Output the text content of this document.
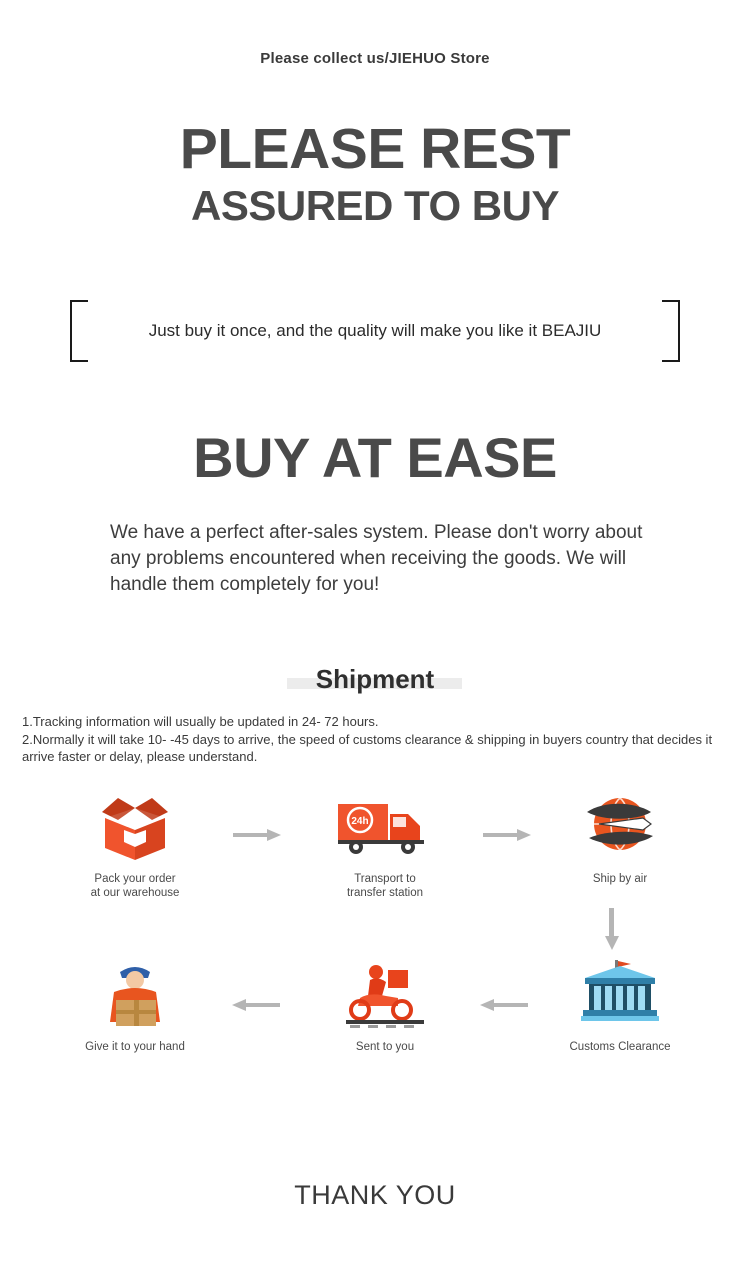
Please collect us/JIEHUO Store
PLEASE REST
ASSURED TO BUY
Just buy it once, and the quality will make you like it BEAJIU
BUY AT EASE
We have a perfect after-sales system. Please don't worry about any problems encountered when receiving the goods. We will handle them completely for you!
Shipment
1.Tracking information will usually be updated in 24- 72 hours.
2.Normally it will take 10- -45 days to arrive, the speed of customs clearance & shipping in buyers country that decides it arrive faster or delay, please understand.
Pack your order
at our warehouse
24h
Transport to
transfer station
Ship by air
Customs Clearance
Sent to you
Give it to your hand
THANK YOU
